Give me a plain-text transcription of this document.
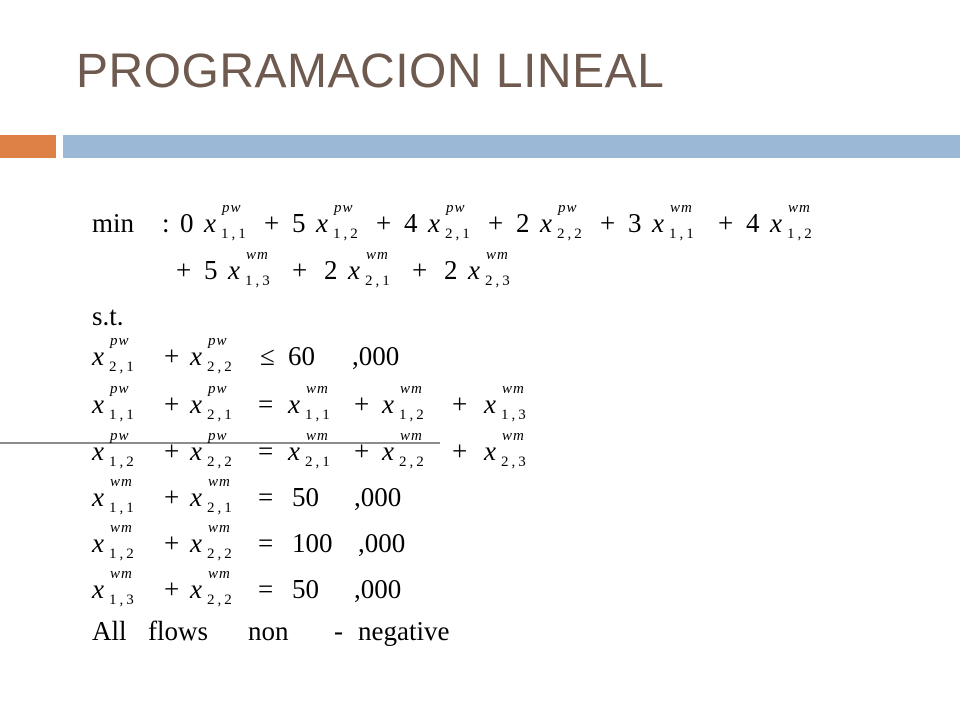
PROGRAMACION LINEAL
min : 0 x pw
1,1 + 5 x pw
1,2 + 4 x pw
2,1 + 2 x pw
2,2 + 3 x wm
1,1 + 4 x wm
1,2
+ 5 x wm
1,3 + 2 x wm
2,1 + 2 x wm
2,3
s.t.
x pw
2,1 + x pw
2,2 ≤ 60 ,000
x pw
1,1 + x pw
2,1 = x wm
1,1 + x wm
1,2 + x wm
1,3
x pw
1,2 + x pw
2,2 = x wm
2,1 + x wm
2,2 + x wm
2,3
x wm
1,1 + x wm
2,1 = 50 ,000
x wm
1,2 + x wm
2,2 = 100 ,000
x wm
1,3 + x wm
2,2 = 50 ,000
All flows non - negative
